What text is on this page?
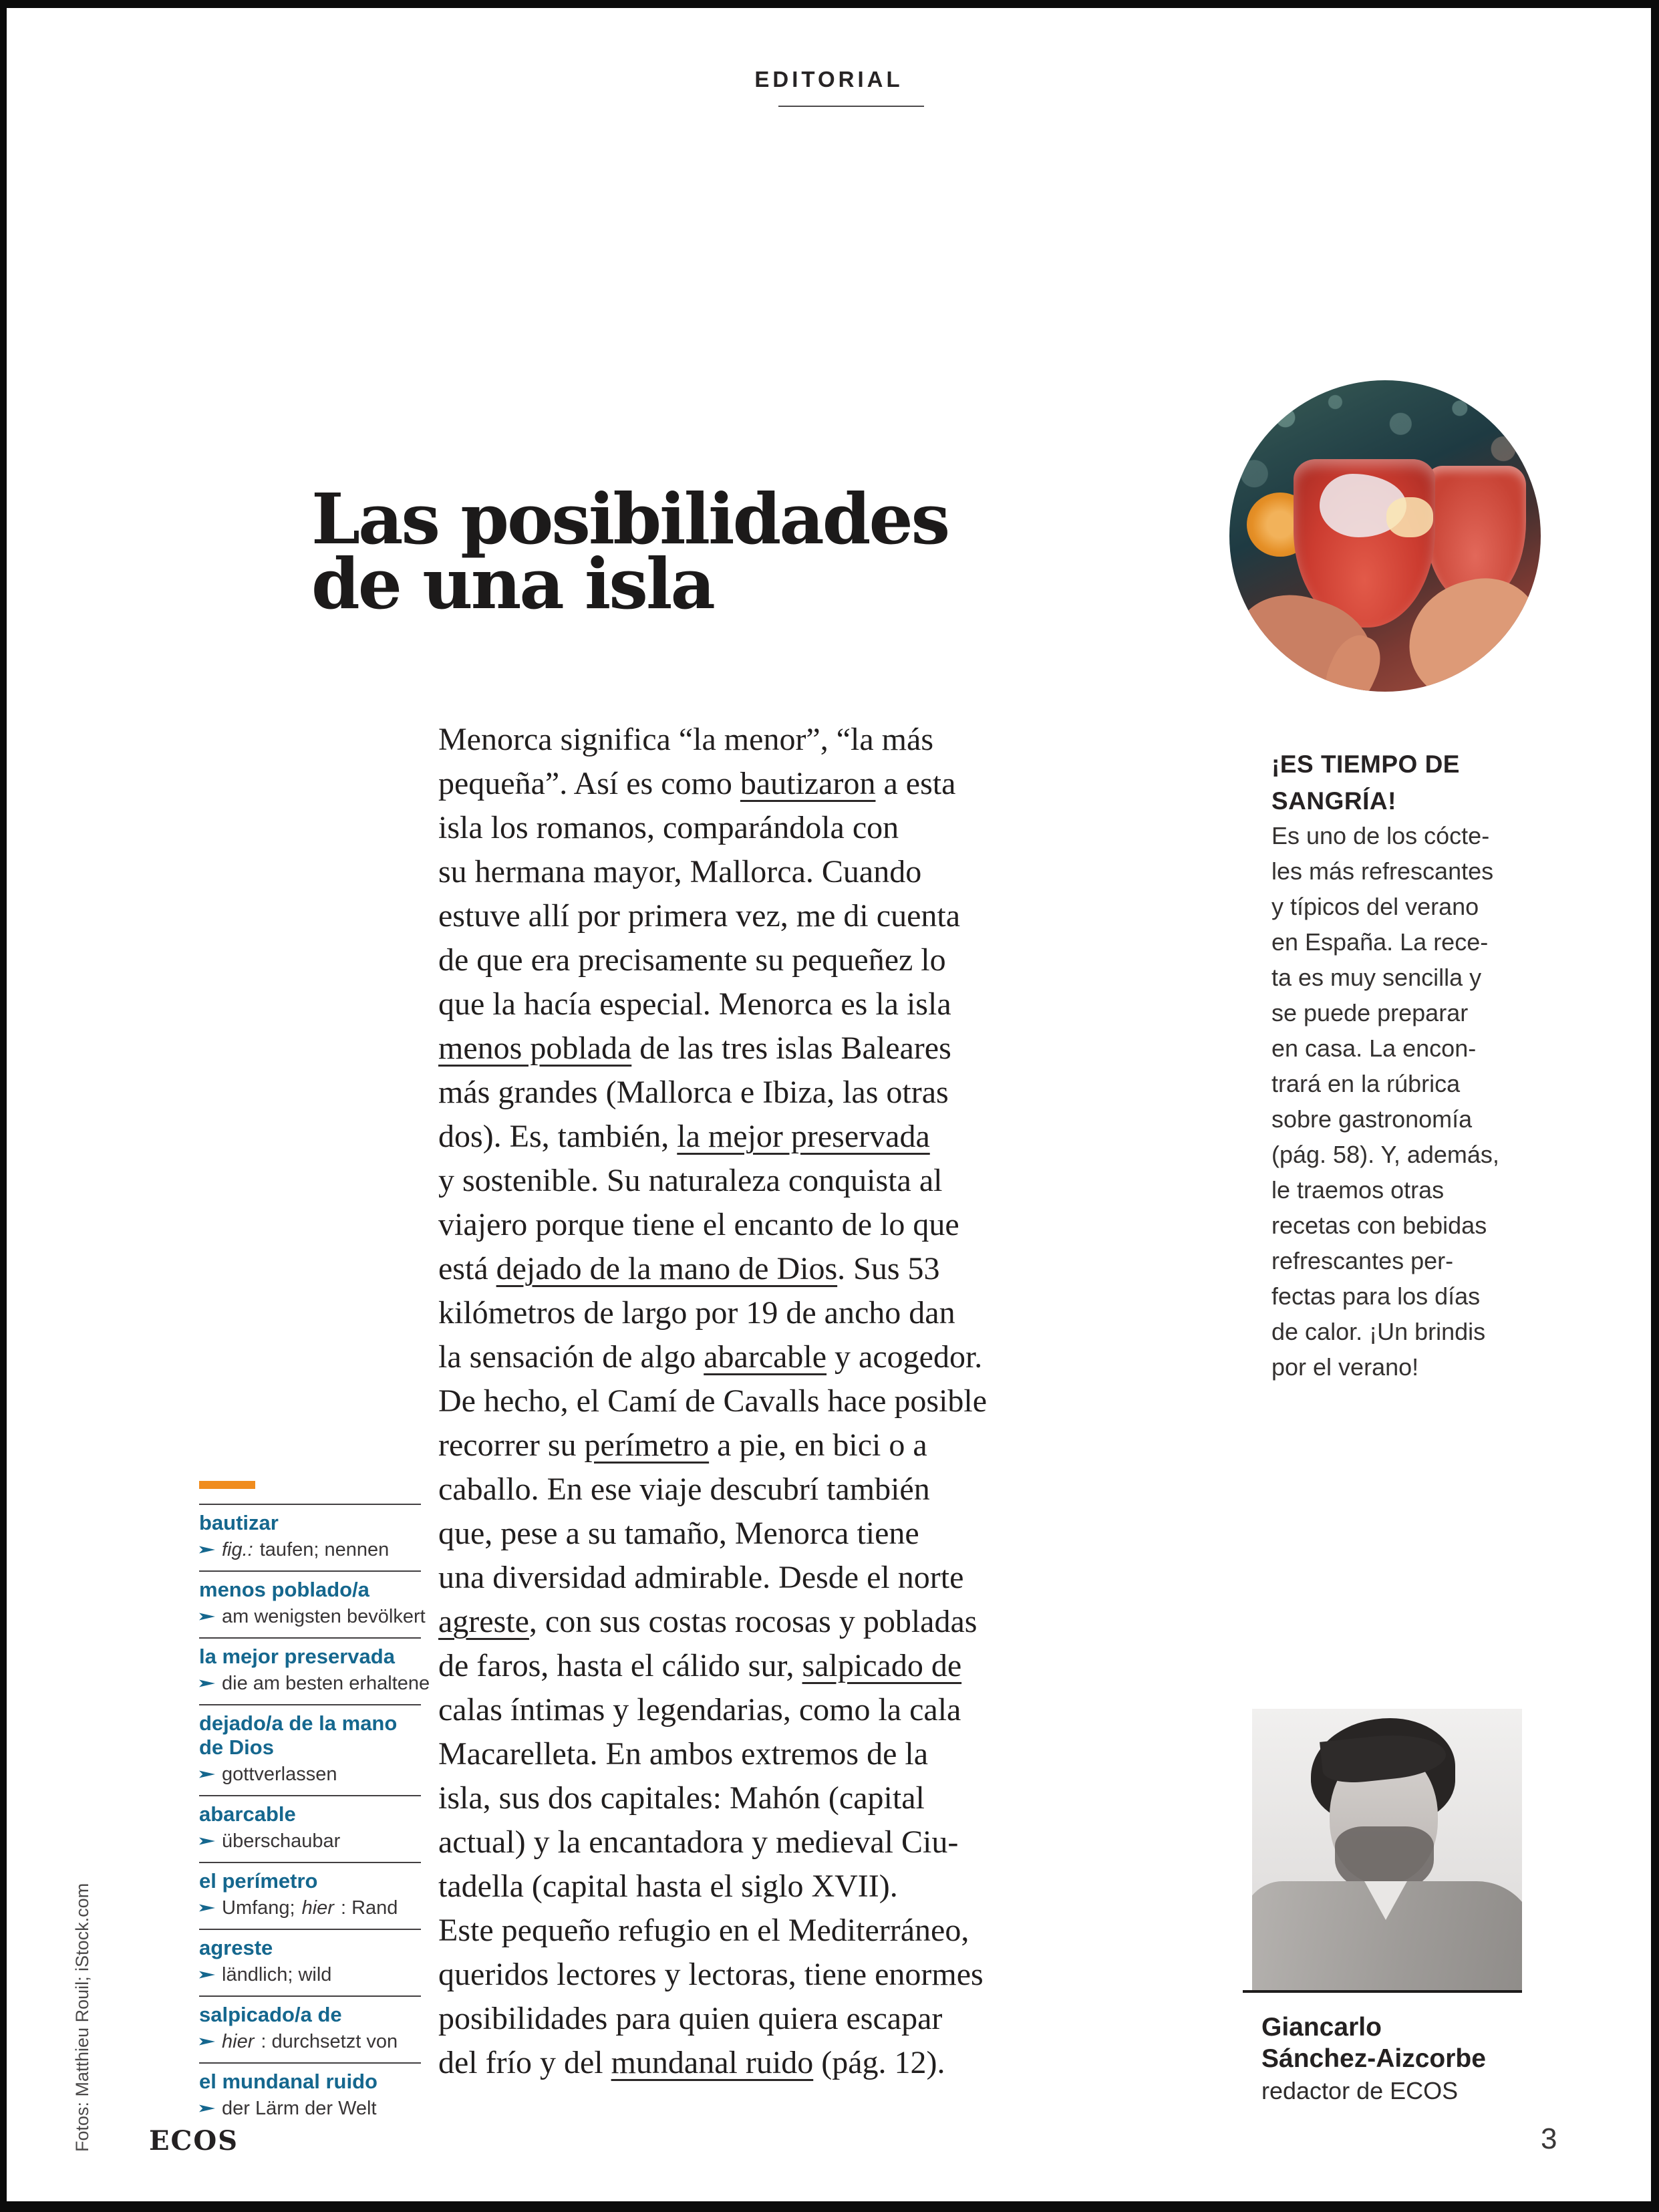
EDITORIAL
Las posibilidades
de una isla
Menorca significa “la menor”, “la más
pequeña”. Así es como bautizaron a esta
isla los romanos, comparándola con
su hermana mayor, Mallorca. Cuando
estuve allí por primera vez, me di cuenta
de que era precisamente su pequeñez lo
que la hacía especial. Menorca es la isla
menos poblada de las tres islas Baleares
más grandes (Mallorca e Ibiza, las otras
dos). Es, también, la mejor preservada
y sostenible. Su naturaleza conquista al
viajero porque tiene el encanto de lo que
está dejado de la mano de Dios. Sus 53
kilómetros de largo por 19 de ancho dan
la sensación de algo abarcable y acogedor.
De hecho, el Camí de Cavalls hace posible
recorrer su perímetro a pie, en bici o a
caballo. En ese viaje descubrí también
que, pese a su tamaño, Menorca tiene
una diversidad admirable. Desde el norte
agreste, con sus costas rocosas y pobladas
de faros, hasta el cálido sur, salpicado de
calas íntimas y legendarias, como la cala
Macarelleta. En ambos extremos de la
isla, sus dos capitales: Mahón (capital
actual) y la encantadora y medieval Ciu-
tadella (capital hasta el siglo XVII).
Este pequeño refugio en el Mediterráneo,
queridos lectores y lectoras, tiene enormes
posibilidades para quien quiera escapar
del frío y del mundanal ruido (pág. 12).
¡ES TIEMPO DE
SANGRÍA!
Es uno de los cócte-
les más refrescantes
y típicos del verano
en España. La rece-
ta es muy sencilla y
se puede preparar
en casa. La encon-
trará en la rúbrica
sobre gastronomía
(pág. 58). Y, además,
le traemos otras
recetas con bebidas
refrescantes per-
fectas para los días
de calor. ¡Un brindis
por el verano!
Giancarlo
Sánchez-Aizcorbe
redactor de ECOS
bautizar
fig.: taufen; nennen
menos poblado/a
am wenigsten bevölkert
la mejor preservada
die am besten erhaltene
dejado/a de la mano de Dios
gottverlassen
abarcable
überschaubar
el perímetro
Umfang; hier : Rand
agreste
ländlich; wild
salpicado/a de
hier : durchsetzt von
el mundanal ruido
der Lärm der Welt
Fotos: Matthieu Rouil; iStock.com ECOS	3
